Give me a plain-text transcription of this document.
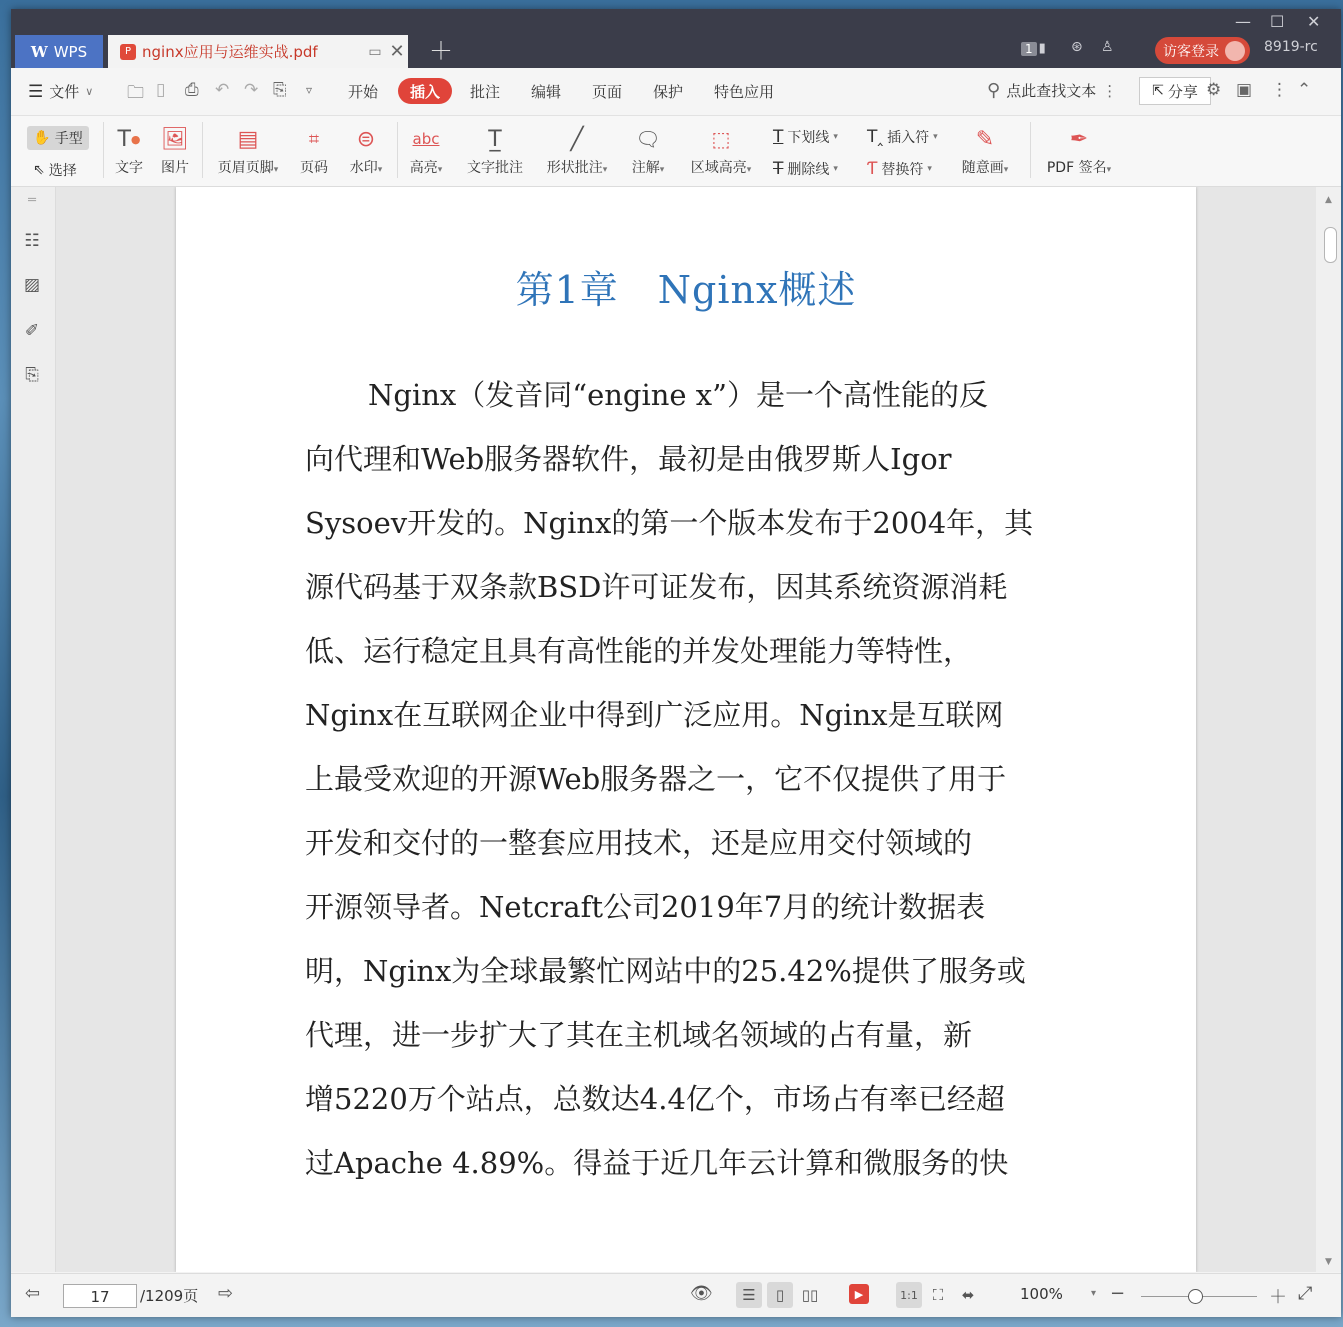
W WPS	P nginx应用与运维实战.pdf	▭ ✕ ＋	1 ▮ ⊛ ♙	访客登录	8919-rc
— ☐ ✕
☰ 文件 ∨ 🗀 ▯ ⎙ ↶ ↷ ⎘ ▿ 开始	插入	批注 编辑 页面 保护 特色应用	⚲ 点此查找文本 ⋮ ⇱ 分享 ⚙ ▣ ⋮ ⌃
✋ 手型
⇖ 选择
T ●
文字
🖼
图片
▤
页眉页脚▾
⌗
页码
⊜
水印▾
abc
高亮▾
T̲
文字批注
╱
形状批注▾
🗨
注解▾
⬚
区域高亮▾
T 下划线 ▾
T 删除线 ▾
T‸ 插入符 ▾
Ƭ 替换符 ▾
✎
随意画▾
✒
PDF 签名▾
═
☷
▨
✐
⎘
第1章　Nginx概述
Nginx（发音同“engine x”）是一个高性能的反
向代理和Web服务器软件，最初是由俄罗斯人Igor
Sysoev开发的。Nginx的第一个版本发布于2004年，其
源代码基于双条款BSD许可证发布，因其系统资源消耗
低、运行稳定且具有高性能的并发处理能力等特性，
Nginx在互联网企业中得到广泛应用。Nginx是互联网
上最受欢迎的开源Web服务器之一，它不仅提供了用于
开发和交付的一整套应用技术，还是应用交付领域的
开源领导者。Netcraft公司2019年7月的统计数据表
明，Nginx为全球最繁忙网站中的25.42%提供了服务或
代理，进一步扩大了其在主机域名领域的占有量，新
增5220万个站点，总数达4.4亿个，市场占有率已经超
过Apache 4.89%。得益于近几年云计算和微服务的快
▲
▼
⇦	17	/1209页 ⇨	👁	☰	▯	▯▯	▶	1:1 ⛶	⬌	100%	▾ −	＋ ⤢
